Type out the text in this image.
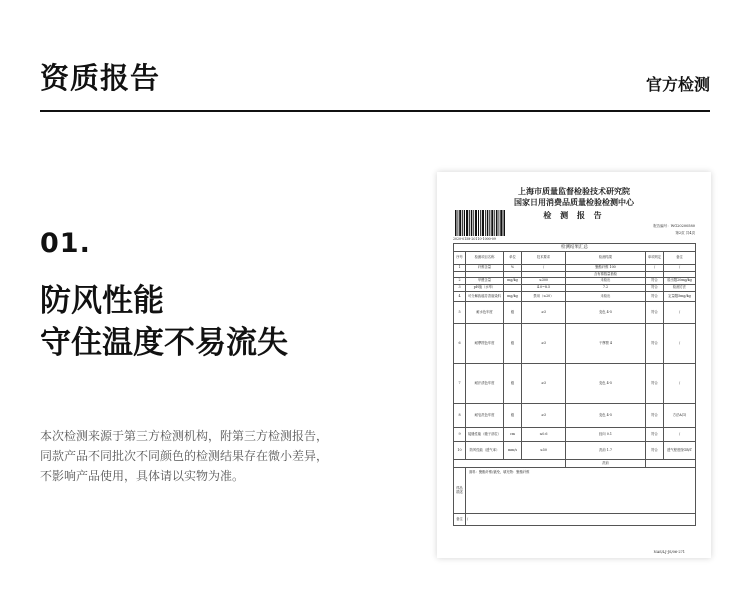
资质报告	官方检测
01.
防风性能
守住温度不易流失
本次检测来源于第三方检测机构，附第三方检测报告，
同款产品不同批次不同颜色的检测结果存在微小差异，
不影响产品使用，具体请以实物为准。
上海市质量监督检验技术研究院
国家日用消费品质量检验检测中心
检 测 报 告
报告编号：WG20200580
第2页 共4页
2020-0158-20110-1000-09
检测结果汇总						
序号	检测项目名称	单位	技术要求	检测结果	单项判定	备注
1	纤维含量	%	/	聚酯纤维 100	/	/
				含有棉数量抽检		
2	甲醛含量	mg/kg	≤300	未检出	符合	检出限20mg/kg
3	pH值（水萃）		4.0~8.5	7.2	符合	检测方法
4	可分解致癌芳香胺染料	mg/kg	禁用（≤20）	未检出	符合	定量限5mg/kg
5	耐水色牢度	级	≥3	变色 4-5	符合	/
6	耐摩擦色牢度	级	≥3	干摩擦 4	符合	/
7	耐汗渍色牢度	级	≥3	变色 4-5	符合	/
8	耐皂洗色牢度	级	≥3	变色 4-5	符合	方法A(1)
9	接缝性能（缝子部位）	cm	≤0.6	经向 0.1	符合	/
10	防风性能（透气率）	mm/s	≤50	洗前 1.7	符合	透气程度按GB/T
				洗前		
样品描述	面料：聚酯纤维/氨纶，填充物：聚酯纤维					
备注	/					
NAS/LJ-JS/06-271
